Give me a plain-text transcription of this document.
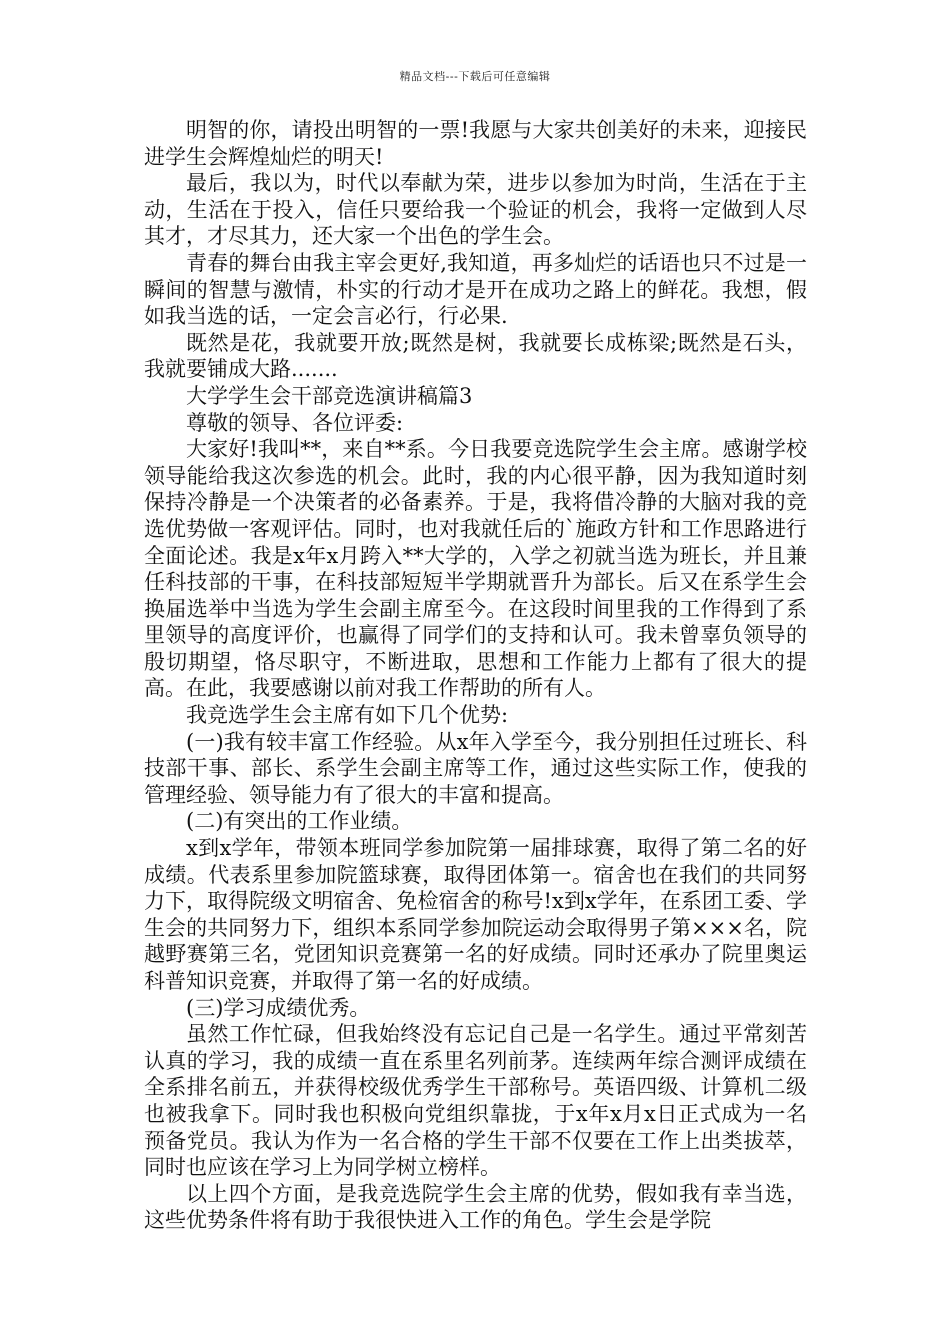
精品文档---下载后可任意编辑

明智的你，请投出明智的一票!我愿与大家共创美好的未来，迎接民进学生会辉煌灿烂的明天!

最后，我以为，时代以奉献为荣，进步以参加为时尚，生活在于主动，生活在于投入，信任只要给我一个验证的机会，我将一定做到人尽其才，才尽其力，还大家一个出色的学生会。

青春的舞台由我主宰会更好,我知道，再多灿烂的话语也只不过是一瞬间的智慧与激情，朴实的行动才是开在成功之路上的鲜花。我想，假如我当选的话，一定会言必行，行必果.

既然是花，我就要开放;既然是树，我就要长成栋梁;既然是石头，我就要铺成大路.......

大学学生会干部竞选演讲稿篇3

尊敬的领导、各位评委:

大家好!我叫**，来自**系。今日我要竞选院学生会主席。感谢学校领导能给我这次参选的机会。此时，我的内心很平静，因为我知道时刻保持冷静是一个决策者的必备素养。于是，我将借冷静的大脑对我的竞选优势做一客观评估。同时，也对我就任后的`施政方针和工作思路进行全面论述。我是x年x月跨入**大学的，入学之初就当选为班长，并且兼任科技部的干事，在科技部短短半学期就晋升为部长。后又在系学生会换届选举中当选为学生会副主席至今。在这段时间里我的工作得到了系里领导的高度评价，也赢得了同学们的支持和认可。我未曾辜负领导的殷切期望，恪尽职守，不断进取，思想和工作能力上都有了很大的提高。在此，我要感谢以前对我工作帮助的所有人。

我竞选学生会主席有如下几个优势:

(一)我有较丰富工作经验。从x年入学至今，我分别担任过班长、科技部干事、部长、系学生会副主席等工作，通过这些实际工作，使我的管理经验、领导能力有了很大的丰富和提高。

(二)有突出的工作业绩。

x到x学年，带领本班同学参加院第一届排球赛，取得了第二名的好成绩。代表系里参加院篮球赛，取得团体第一。宿舍也在我们的共同努力下，取得院级文明宿舍、免检宿舍的称号!x到x学年，在系团工委、学生会的共同努力下，组织本系同学参加院运动会取得男子第×××名，院越野赛第三名，党团知识竞赛第一名的好成绩。同时还承办了院里奥运科普知识竞赛，并取得了第一名的好成绩。

(三)学习成绩优秀。

虽然工作忙碌，但我始终没有忘记自己是一名学生。通过平常刻苦认真的学习，我的成绩一直在系里名列前茅。连续两年综合测评成绩在全系排名前五，并获得校级优秀学生干部称号。英语四级、计算机二级也被我拿下。同时我也积极向党组织靠拢，于x年x月x日正式成为一名预备党员。我认为作为一名合格的学生干部不仅要在工作上出类拔萃，同时也应该在学习上为同学树立榜样。

以上四个方面，是我竞选院学生会主席的优势，假如我有幸当选，这些优势条件将有助于我很快进入工作的角色。学生会是学院
